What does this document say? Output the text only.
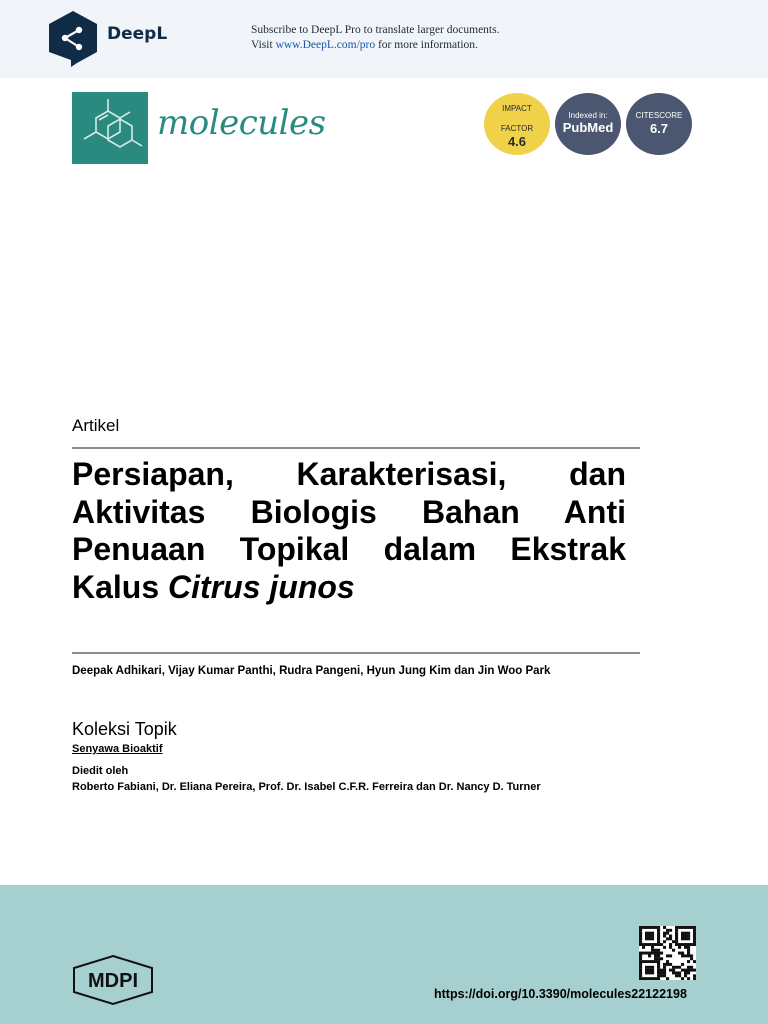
DeepL	Subscribe to DeepL Pro to translate larger documents.
Visit www.DeepL.com/pro for more information.
molecules	IMPACT
FACTOR
4.6
Indexed in:
PubMed
CITESCORE
6.7
Artikel
Persiapan, Karakterisasi, dan Aktivitas Biologis Bahan Anti Penuaan Topikal dalam Ekstrak Kalus Citrus junos
Deepak Adhikari, Vijay Kumar Panthi, Rudra Pangeni, Hyun Jung Kim dan Jin Woo Park
Koleksi Topik
Senyawa Bioaktif
Diedit oleh
Roberto Fabiani, Dr. Eliana Pereira, Prof. Dr. Isabel C.F.R. Ferreira dan Dr. Nancy D. Turner
MDPI
https://doi.org/10.3390/molecules22122198
